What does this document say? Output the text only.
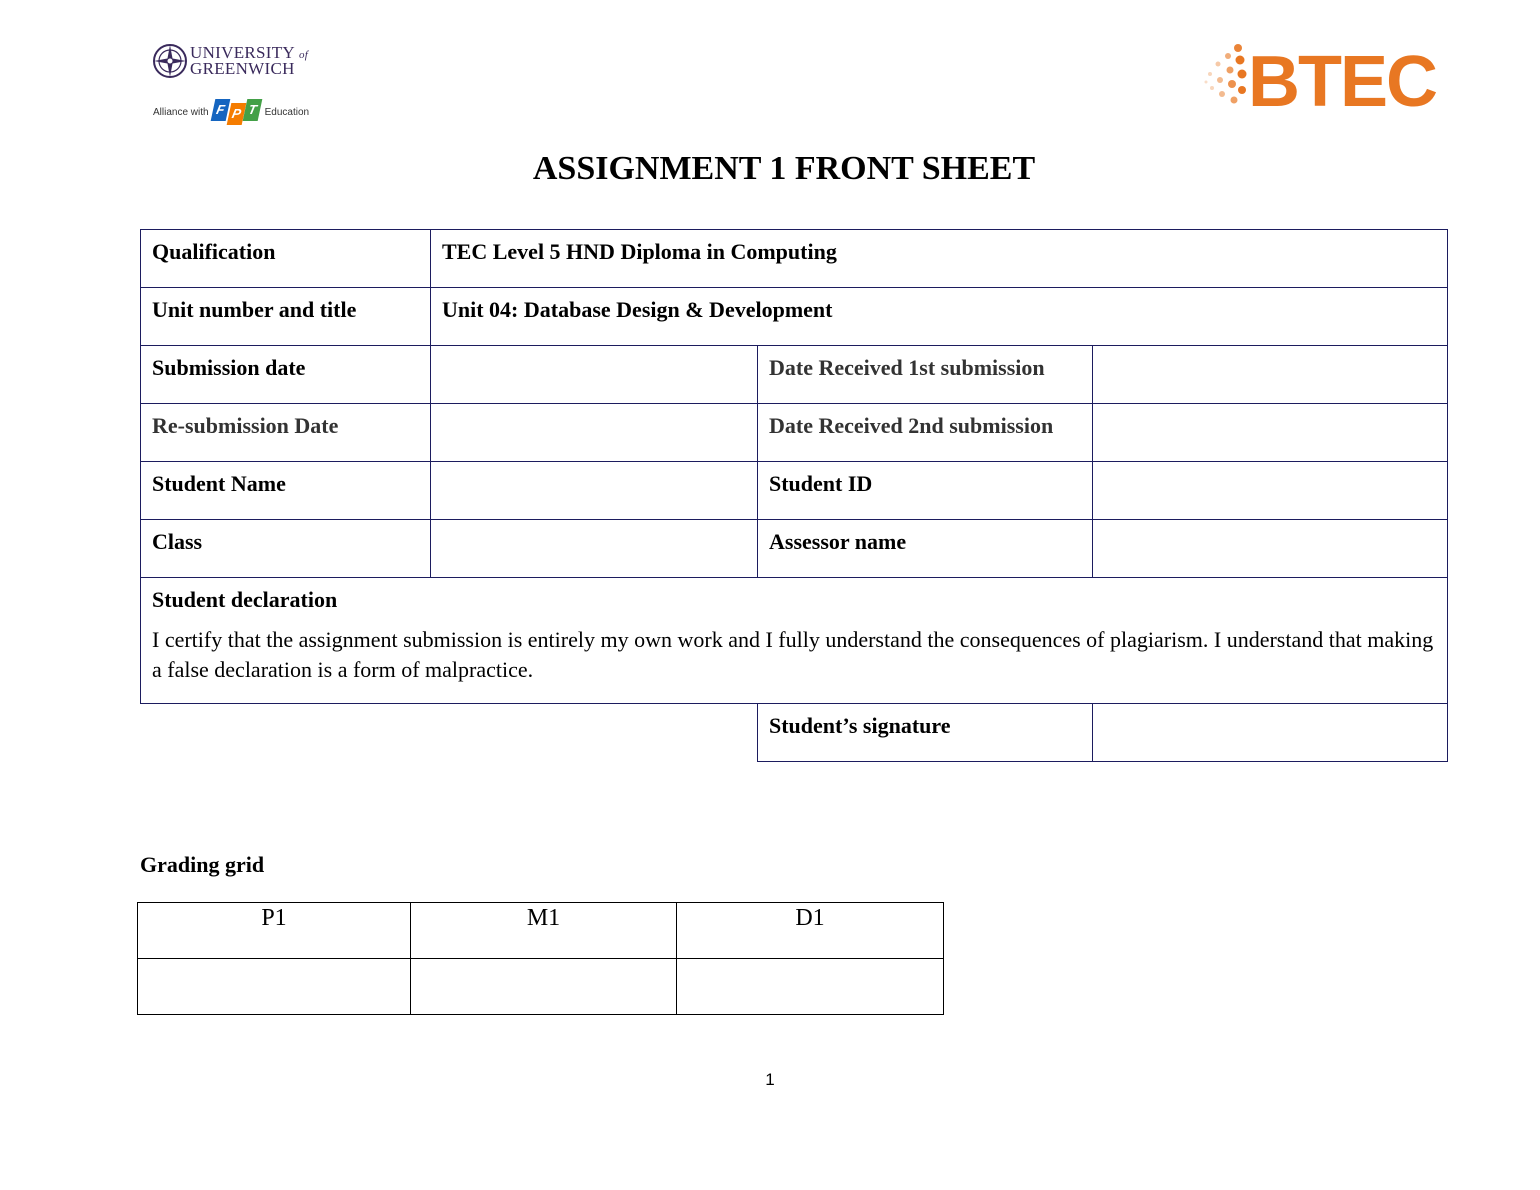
UNIVERSITY of
GREENWICH
Alliance with F P T Education	BTEC
ASSIGNMENT 1 FRONT SHEET
Qualification	TEC Level 5 HND Diploma in Computing		
Unit number and title	Unit 04: Database Design & Development		
Submission date		Date Received 1st submission	
Re-submission Date		Date Received 2nd submission	
Student Name		Student ID	
Class		Assessor name	

Student declaration
I certify that the assignment submission is entirely my own work and I fully understand the consequences of plagiarism. I understand that making a false declaration is a form of malpractice.			

		Student’s signature	
Grading grid
P1	M1	D1

1
